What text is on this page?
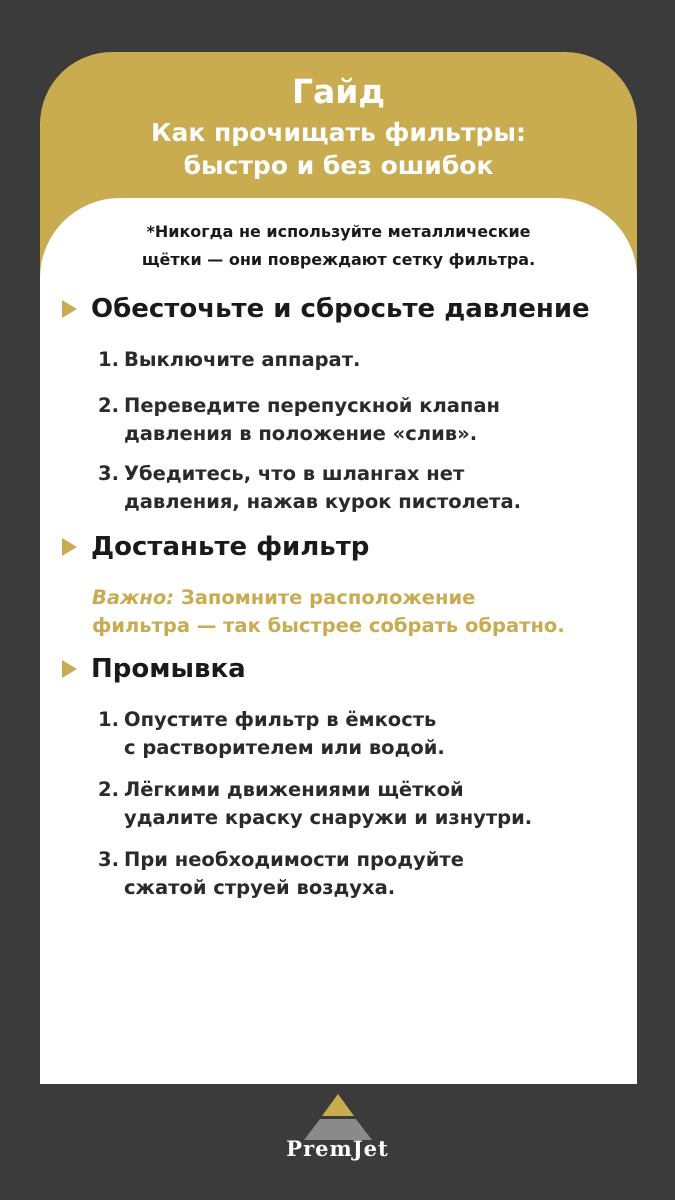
Гайд
Как прочищать фильтры:
быстро и без ошибок
*Никогда не используйте металлические
щётки — они повреждают сетку фильтра.
Обесточьте и сбросьте давление
1. Выключите аппарат.
2. Переведите перепускной клапан
давления в положение «слив».
3. Убедитесь, что в шлангах нет
давления, нажав курок пистолета.
Достаньте фильтр
Важно: Запомните расположение
фильтра — так быстрее собрать обратно.
Промывка
1. Опустите фильтр в ёмкость
с растворителем или водой.
2. Лёгкими движениями щёткой
удалите краску снаружи и изнутри.
3. При необходимости продуйте
сжатой струей воздуха.
PremJet
